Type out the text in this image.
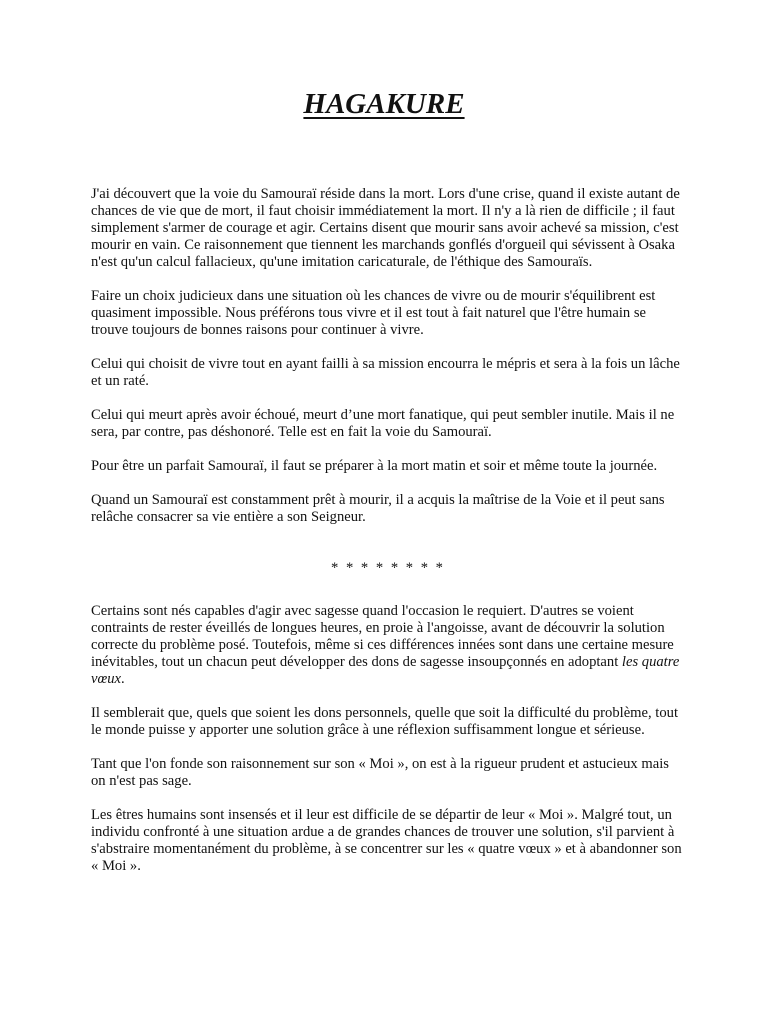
HAGAKURE

J'ai découvert que la voie du Samouraï réside dans la mort. Lors d'une crise, quand il existe autant de chances de vie que de mort, il faut choisir immédiatement la mort. Il n'y a là rien de difficile ; il faut simplement s'armer de courage et agir. Certains disent que mourir sans avoir achevé sa mission, c'est mourir en vain. Ce raisonnement que tiennent les marchands gonflés d'orgueil qui sévissent à Osaka n'est qu'un calcul fallacieux, qu'une imitation caricaturale, de l'éthique des Samouraïs.

Faire un choix judicieux dans une situation où les chances de vivre ou de mourir s'équilibrent est quasiment impossible. Nous préférons tous vivre et il est tout à fait naturel que l'être humain se trouve toujours de bonnes raisons pour continuer à vivre.

Celui qui choisit de vivre tout en ayant failli à sa mission encourra le mépris et sera à la fois un lâche et un raté.

Celui qui meurt après avoir échoué, meurt d’une mort fanatique, qui peut sembler inutile. Mais il ne sera, par contre, pas déshonoré. Telle est en fait la voie du Samouraï.

Pour être un parfait Samouraï, il faut se préparer à la mort matin et soir et même toute la journée.

Quand un Samouraï est constamment prêt à mourir, il a acquis la maîtrise de la Voie et il peut sans relâche consacrer sa vie entière a son Seigneur.

* * * * * * * *

Certains sont nés capables d'agir avec sagesse quand l'occasion le requiert. D'autres se voient contraints de rester éveillés de longues heures, en proie à l'angoisse, avant de découvrir la solution correcte du problème posé. Toutefois, même si ces différences innées sont dans une certaine mesure inévitables, tout un chacun peut développer des dons de sagesse insoupçonnés en adoptant les quatre vœux.

Il semblerait que, quels que soient les dons personnels, quelle que soit la difficulté du problème, tout le monde puisse y apporter une solution grâce à une réflexion suffisamment longue et sérieuse.

Tant que l'on fonde son raisonnement sur son « Moi », on est à la rigueur prudent et astucieux mais on n'est pas sage.

Les êtres humains sont insensés et il leur est difficile de se départir de leur « Moi ». Malgré tout, un individu confronté à une situation ardue a de grandes chances de trouver une solution, s'il parvient à s'abstraire momentanément du problème, à se concentrer sur les « quatre vœux » et à abandonner son « Moi ».
